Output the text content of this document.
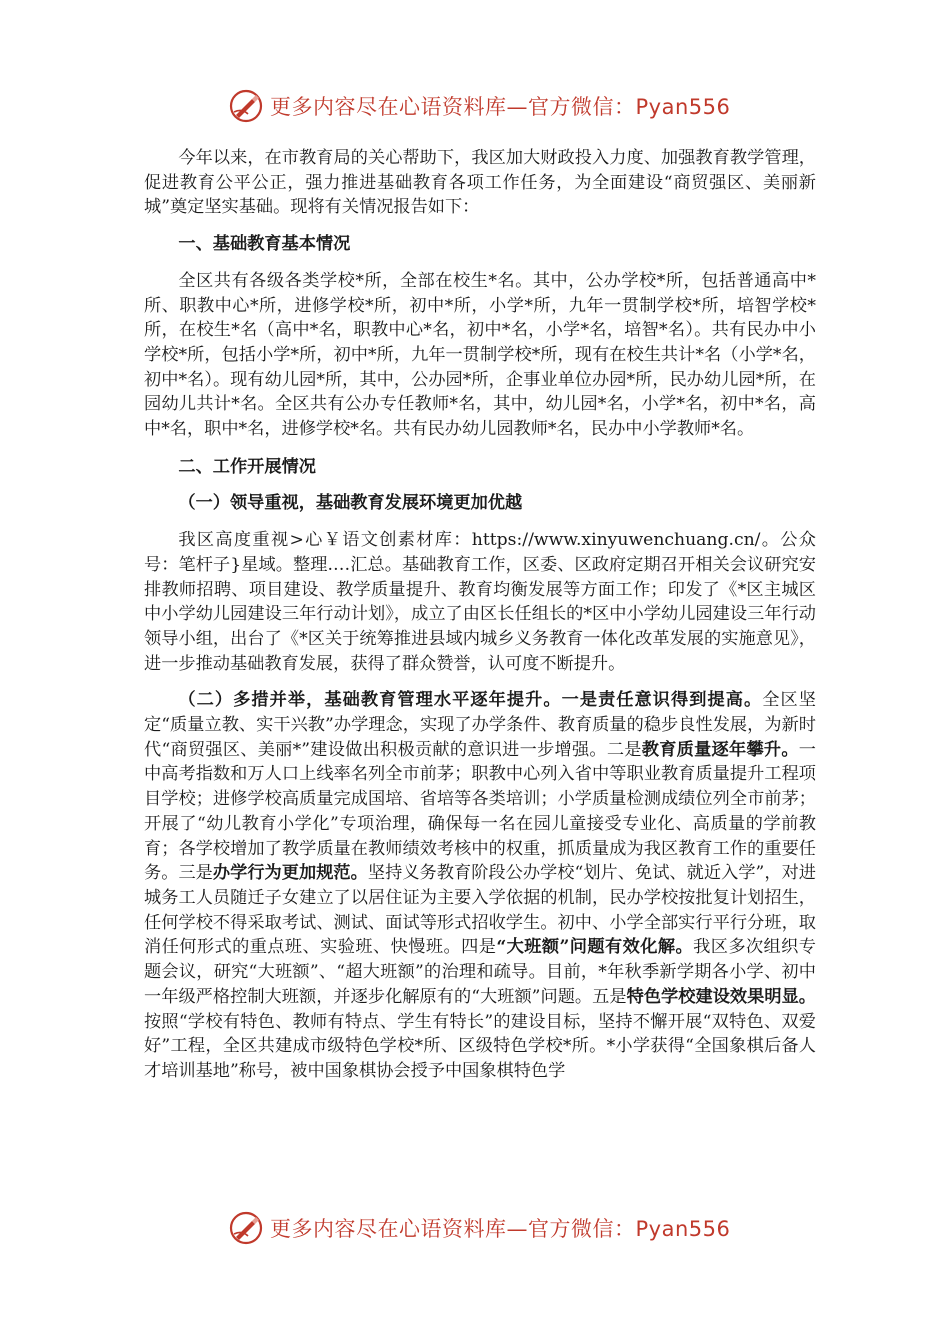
更多内容尽在心语资料库—官方微信：Pyan556

今年以来，在市教育局的关心帮助下，我区加大财政投入力度、加强教育教学管理，促进教育公平公正，强力推进基础教育各项工作任务，为全面建设“商贸强区、美丽新城”奠定坚实基础。现将有关情况报告如下：

一、基础教育基本情况

全区共有各级各类学校*所，全部在校生*名。其中，公办学校*所，包括普通高中*所、职教中心*所，进修学校*所，初中*所，小学*所，九年一贯制学校*所，培智学校*所，在校生*名（高中*名，职教中心*名，初中*名，小学*名，培智*名）。共有民办中小学校*所，包括小学*所，初中*所，九年一贯制学校*所，现有在校生共计*名（小学*名，初中*名）。现有幼儿园*所，其中，公办园*所，企事业单位办园*所，民办幼儿园*所，在园幼儿共计*名。全区共有公办专任教师*名，其中，幼儿园*名，小学*名，初中*名，高中*名，职中*名，进修学校*名。共有民办幼儿园教师*名，民办中小学教师*名。

二、工作开展情况

（一）领导重视，基础教育发展环境更加优越

我区高度重视>心￥语文创素材库：https://www.xinyuwenchuang.cn/。公众号：笔杆子}星域。整理.…汇总。基础教育工作，区委、区政府定期召开相关会议研究安排教师招聘、项目建设、教学质量提升、教育均衡发展等方面工作；印发了《*区主城区中小学幼儿园建设三年行动计划》，成立了由区长任组长的*区中小学幼儿园建设三年行动领导小组，出台了《*区关于统筹推进县域内城乡义务教育一体化改革发展的实施意见》，进一步推动基础教育发展，获得了群众赞誉，认可度不断提升。

（二）多措并举，基础教育管理水平逐年提升。一是责任意识得到提高。全区坚定“质量立教、实干兴教”办学理念，实现了办学条件、教育质量的稳步良性发展，为新时代“商贸强区、美丽*”建设做出积极贡献的意识进一步增强。二是教育质量逐年攀升。一中高考指数和万人口上线率名列全市前茅；职教中心列入省中等职业教育质量提升工程项目学校；进修学校高质量完成国培、省培等各类培训；小学质量检测成绩位列全市前茅；开展了“幼儿教育小学化”专项治理，确保每一名在园儿童接受专业化、高质量的学前教育；各学校增加了教学质量在教师绩效考核中的权重，抓质量成为我区教育工作的重要任务。三是办学行为更加规范。坚持义务教育阶段公办学校“划片、免试、就近入学”，对进城务工人员随迁子女建立了以居住证为主要入学依据的机制，民办学校按批复计划招生，任何学校不得采取考试、测试、面试等形式招收学生。初中、小学全部实行平行分班，取消任何形式的重点班、实验班、快慢班。四是“大班额”问题有效化解。我区多次组织专题会议，研究“大班额”、“超大班额”的治理和疏导。目前，*年秋季新学期各小学、初中一年级严格控制大班额，并逐步化解原有的“大班额”问题。五是特色学校建设效果明显。按照“学校有特色、教师有特点、学生有特长”的建设目标，坚持不懈开展“双特色、双爱好”工程，全区共建成市级特色学校*所、区级特色学校*所。*小学获得“全国象棋后备人才培训基地”称号，被中国象棋协会授予中国象棋特色学

更多内容尽在心语资料库—官方微信：Pyan556
